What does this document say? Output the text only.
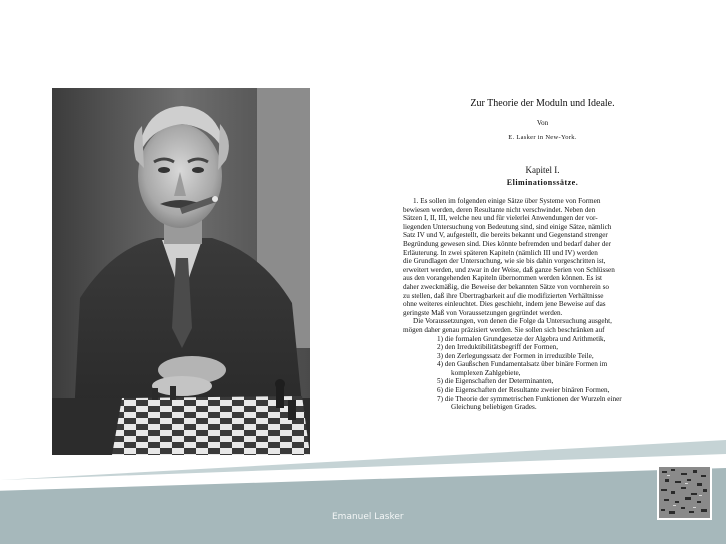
Zur Theorie der Moduln und Ideale.
Von
E. Lasker in New-York.
Kapitel I.
Eliminationssätze.
1. Es sollen im folgenden einige Sätze über Systeme von Formen
bewiesen werden, deren Resultante nicht verschwindet. Neben den
Sätzen I, II, III, welche neu und für vielerlei Anwendungen der vor-
liegenden Untersuchung von Bedeutung sind, sind einige Sätze, nämlich
Satz IV und V, aufgestellt, die bereits bekannt und Gegenstand strenger
Begründung gewesen sind. Dies könnte befremden und bedarf daher der
Erläuterung. In zwei späteren Kapiteln (nämlich III und IV) werden
die Grundlagen der Untersuchung, wie sie bis dahin vorgeschritten ist,
erweitert werden, und zwar in der Weise, daß ganze Serien von Schlüssen
aus den vorangehenden Kapiteln übernommen werden können. Es ist
daher zweckmäßig, die Beweise der bekannten Sätze von vornherein so
zu stellen, daß ihre Übertragbarkeit auf die modifizierten Verhältnisse
ohne weiteres einleuchtet. Dies geschieht, indem jene Beweise auf das
geringste Maß von Voraussetzungen gegründet werden.
Die Voraussetzungen, von denen die Folge da Untersuchung ausgeht,
mögen daher genau präzisiert werden. Sie sollen sich beschränken auf
1) die formalen Grundgesetze der Algebra und Arithmetik,
2) den Irreduktibilitätsbegriff der Formen,
3) den Zerlegungssatz der Formen in irreduzible Teile,
4) den Gaußschen Fundamentalsatz über binäre Formen im
komplexen Zahlgebiete,
5) die Eigenschaften der Determinanten,
6) die Eigenschaften der Resultante zweier binären Formen,
7) die Theorie der symmetrischen Funktionen der Wurzeln einer
Gleichung beliebigen Grades.
Emanuel Lasker
